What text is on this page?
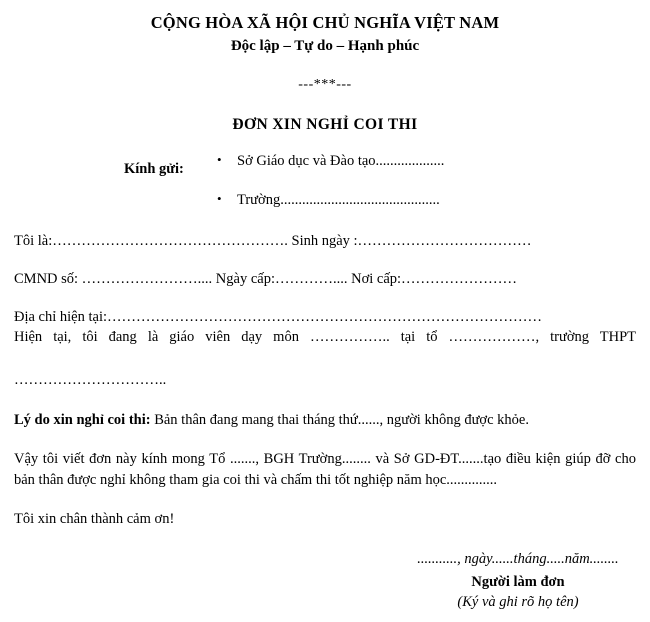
CỘNG HÒA XÃ HỘI CHỦ NGHĨA VIỆT NAM
Độc lập – Tự do – Hạnh phúc
---***---
ĐƠN XIN NGHỈ COI THI
Kính gửi:	• Sở Giáo dục và Đào tạo...................
• Trường............................................
Tôi là:…………………………………………. Sinh ngày :………………………………
CMND số: …………………….... Ngày cấp:………….... Nơi cấp:……………………
Địa chỉ hiện tại:………………………………………………………………………………
Hiện tại, tôi đang là giáo viên dạy môn …………….. tại tổ ………………, trường THPT
…………………………..
Lý do xin nghỉ coi thi: Bản thân đang mang thai tháng thứ......, người không được khỏe.
Vậy tôi viết đơn này kính mong Tổ ......., BGH Trường........ và Sở GD-ĐT.......tạo điều kiện giúp đỡ cho bản thân được nghỉ không tham gia coi thi và chấm thi tốt nghiệp năm học..............
Tôi xin chân thành cảm ơn!
..........., ngày......tháng.....năm........
Người làm đơn
(Ký và ghi rõ họ tên)
